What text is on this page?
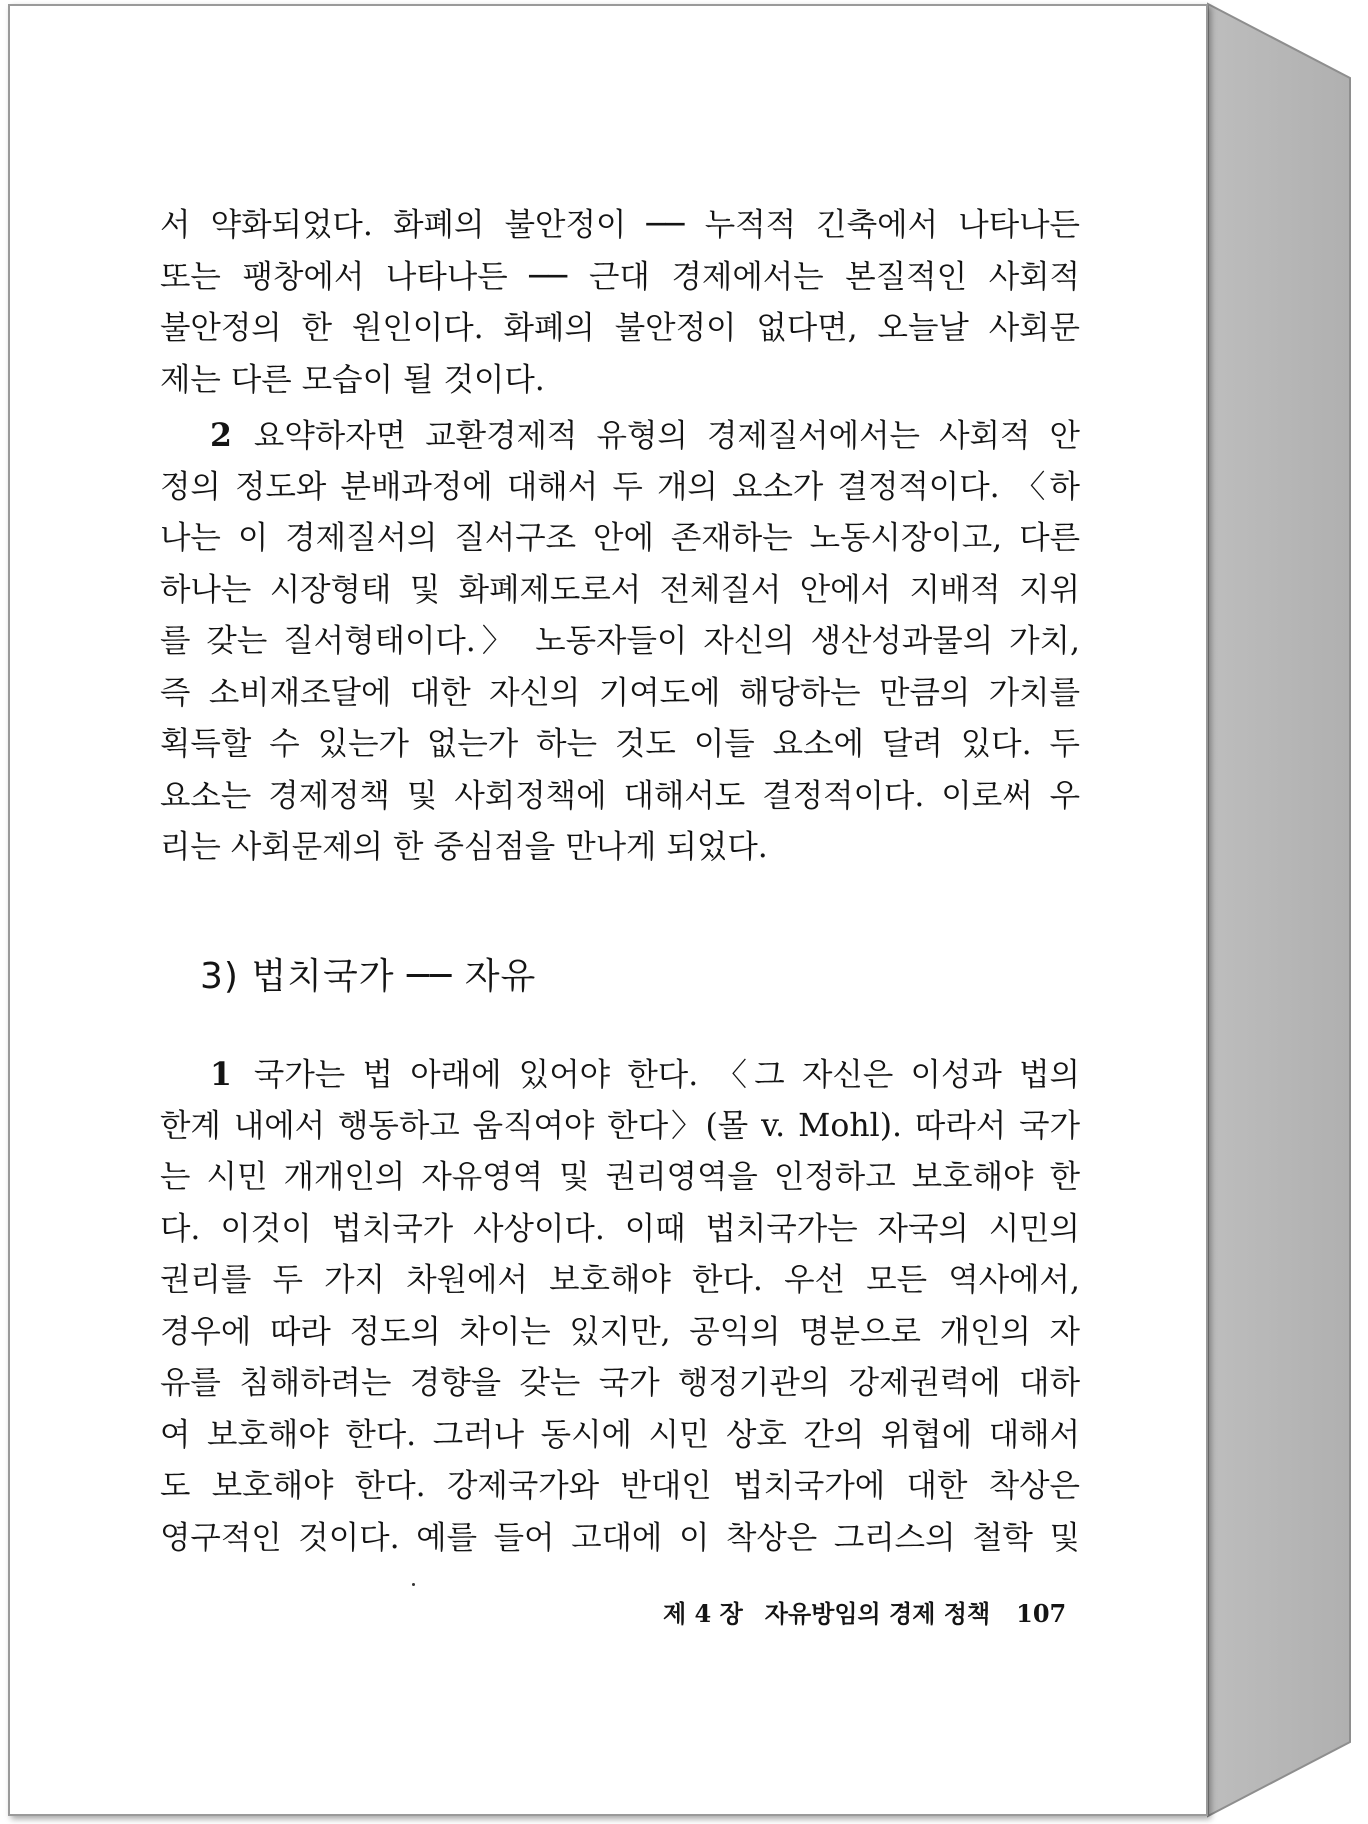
서 약화되었다. 화폐의 불안정이 ── 누적적 긴축에서 나타나든
또는 팽창에서 나타나든 ── 근대 경제에서는 본질적인 사회적
불안정의 한 원인이다. 화폐의 불안정이 없다면, 오늘날 사회문
제는 다른 모습이 될 것이다.
2 요약하자면 교환경제적 유형의 경제질서에서는 사회적 안
정의 정도와 분배과정에 대해서 두 개의 요소가 결정적이다. 〈하
나는 이 경제질서의 질서구조 안에 존재하는 노동시장이고, 다른
하나는 시장형태 및 화폐제도로서 전체질서 안에서 지배적 지위
를 갖는 질서형태이다.〉 노동자들이 자신의 생산성과물의 가치,
즉 소비재조달에 대한 자신의 기여도에 해당하는 만큼의 가치를
획득할 수 있는가 없는가 하는 것도 이들 요소에 달려 있다. 두
요소는 경제정책 및 사회정책에 대해서도 결정적이다. 이로써 우
리는 사회문제의 한 중심점을 만나게 되었다.
3) 법치국가 ── 자유
1 국가는 법 아래에 있어야 한다. 〈그 자신은 이성과 법의
한계 내에서 행동하고 움직여야 한다〉(몰 v. Mohl). 따라서 국가
는 시민 개개인의 자유영역 및 권리영역을 인정하고 보호해야 한
다. 이것이 법치국가 사상이다. 이때 법치국가는 자국의 시민의
권리를 두 가지 차원에서 보호해야 한다. 우선 모든 역사에서,
경우에 따라 정도의 차이는 있지만, 공익의 명분으로 개인의 자
유를 침해하려는 경향을 갖는 국가 행정기관의 강제권력에 대하
여 보호해야 한다. 그러나 동시에 시민 상호 간의 위협에 대해서
도 보호해야 한다. 강제국가와 반대인 법치국가에 대한 착상은
영구적인 것이다. 예를 들어 고대에 이 착상은 그리스의 철학 및
제 4 장 자유방임의 경제 정책 107
